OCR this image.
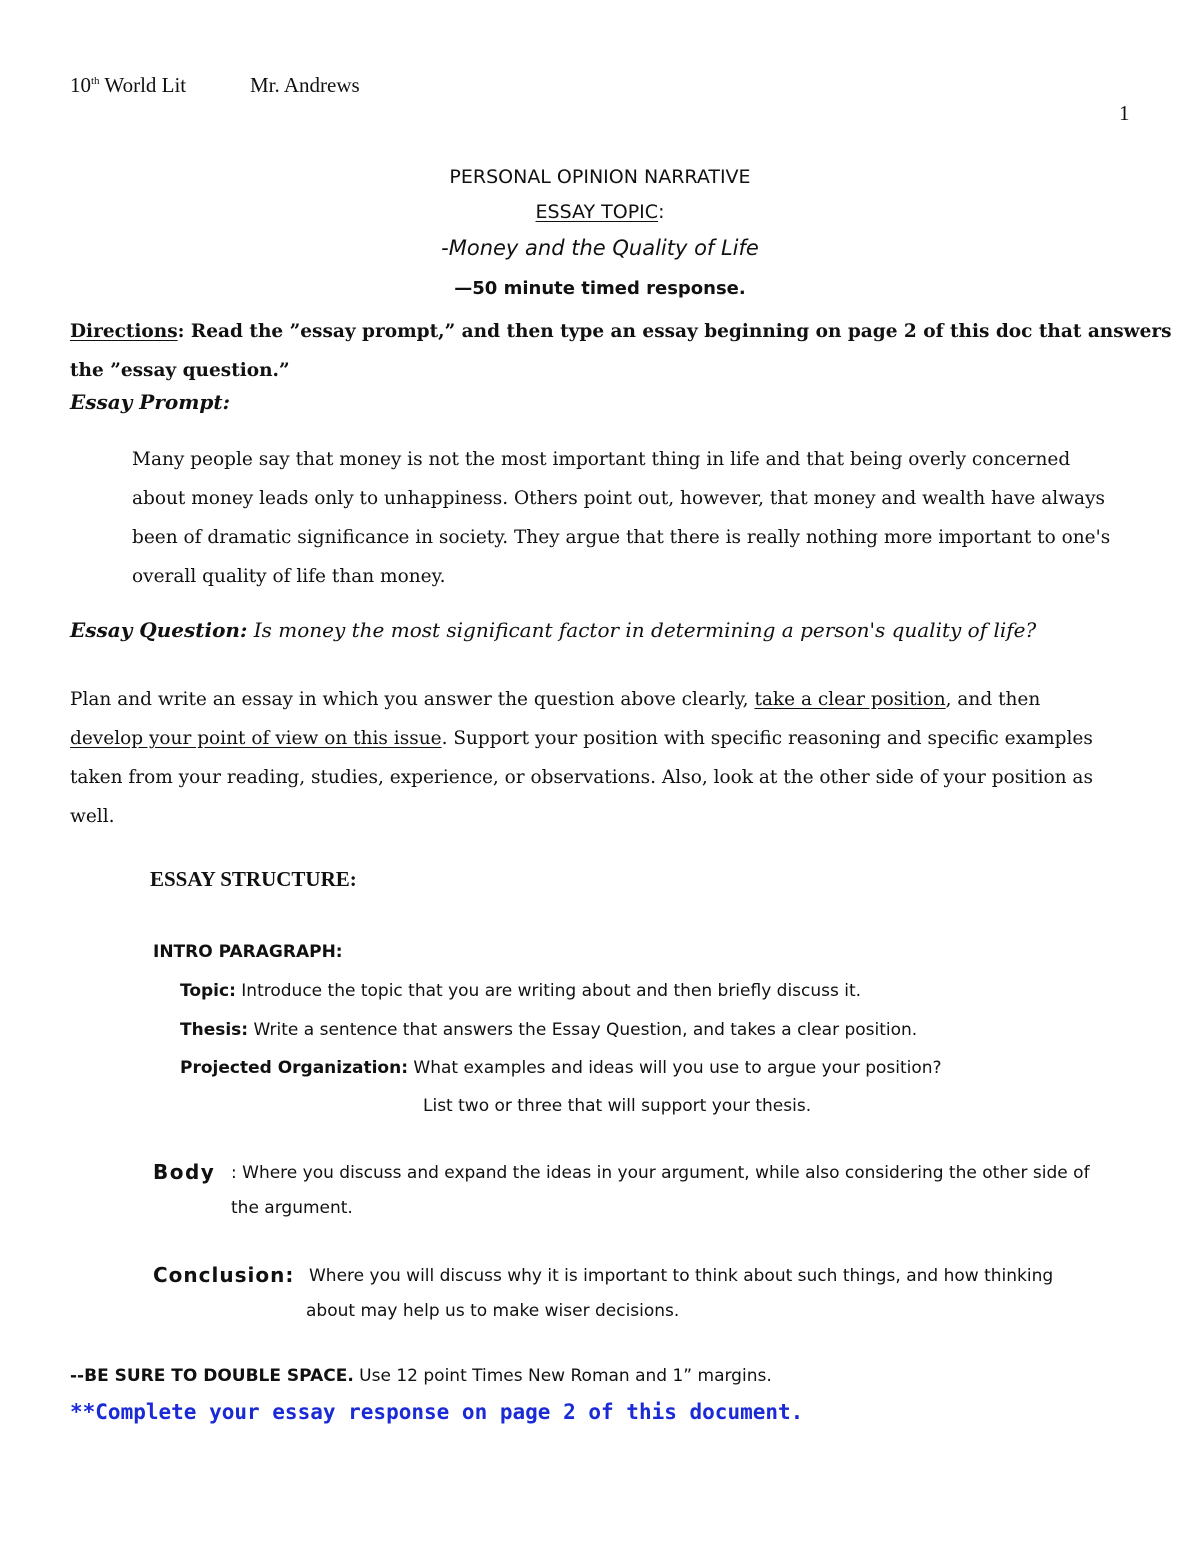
10th World Lit	Mr. Andrews
1
PERSONAL OPINION NARRATIVE
ESSAY TOPIC:
-Money and the Quality of Life
—50 minute timed response.
Directions: Read the ”essay prompt,” and then type an essay beginning on page 2 of this doc that answers
the ”essay question.”
Essay Prompt:
Many people say that money is not the most important thing in life and that being overly concerned
about money leads only to unhappiness. Others point out, however, that money and wealth have always
been of dramatic significance in society. They argue that there is really nothing more important to one's
overall quality of life than money.
Essay Question: Is money the most significant factor in determining a person's quality of life?
Plan and write an essay in which you answer the question above clearly, take a clear position, and then
develop your point of view on this issue. Support your position with specific reasoning and specific examples
taken from your reading, studies, experience, or observations. Also, look at the other side of your position as
well.
ESSAY STRUCTURE:
INTRO PARAGRAPH:
Topic: Introduce the topic that you are writing about and then briefly discuss it.
Thesis: Write a sentence that answers the Essay Question, and takes a clear position.
Projected Organization: What examples and ideas will you use to argue your position?
List two or three that will support your thesis.
Body : Where you discuss and expand the ideas in your argument, while also considering the other side of
the argument.
Conclusion: Where you will discuss why it is important to think about such things, and how thinking
about may help us to make wiser decisions.
--BE SURE TO DOUBLE SPACE. Use 12 point Times New Roman and 1” margins.
**Complete your essay response on page 2 of this document.
